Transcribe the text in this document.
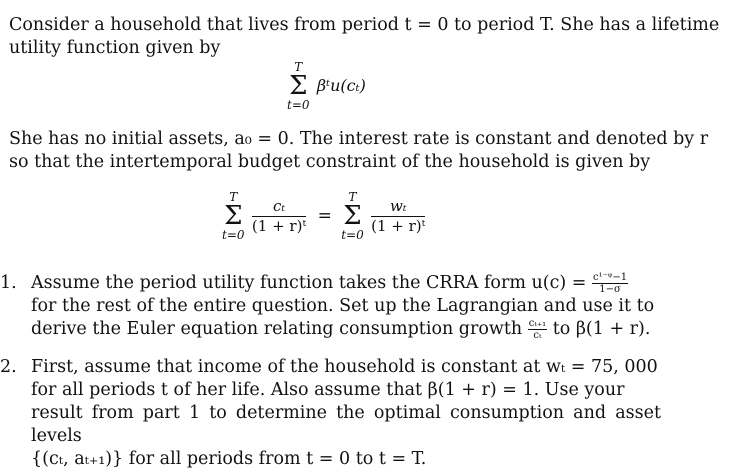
Consider a household that lives from period t = 0 to period T. She has a lifetime
utility function given by

T
Σ
t=0
βᵗu(cₜ)

She has no initial assets, a₀ = 0. The interest rate is constant and denoted by r
so that the intertemporal budget constraint of the household is given by

T
Σ
t=0

$\frac{\text{cₜ}}{\text{(1 + r)ᵗ}}$ =
T
Σ
t=0

$\frac{\text{wₜ}}{\text{(1 + r)ᵗ}}$
1. Assume the period utility function takes the CRRA form $u(c) = \frac{\text{c¹⁻ᵠ−1}}{1-\sigma}$

for the rest of the entire question. Set up the Lagrangian and use it to
derive the Euler equation relating consumption growth $\frac{\text{cₜ₊₁}}{\text{cₜ}}$ to β(1 + r).
2. First, assume that income of the household is constant at wₜ = 75, 000
for all periods t of her life. Also assume that β(1 + r) = 1. Use your
result from part 1 to determine the optimal consumption and asset levels
{(cₜ, aₜ₊₁)} for all periods from t = 0 to t = T.
